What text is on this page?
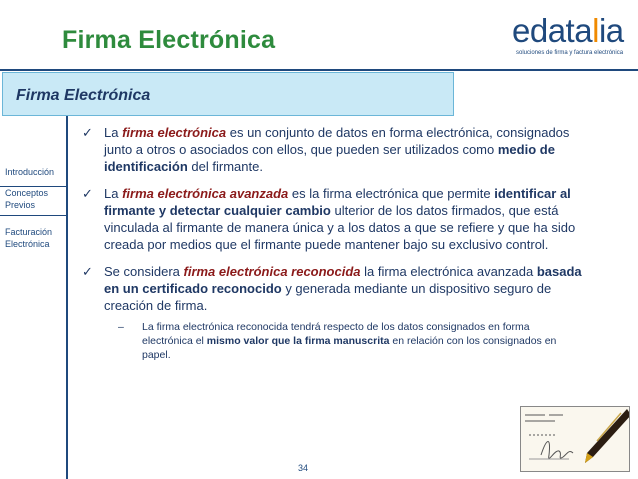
Firma Electrónica	edatalia
soluciones de firma y factura electrónica
Firma Electrónica
Introducción
Conceptos
Previos
Facturación
Electrónica
✓ La firma electrónica es un conjunto de datos en forma electrónica, consignados junto a otros o asociados con ellos, que pueden ser utilizados como medio de identificación del firmante.
✓ La firma electrónica avanzada es la firma electrónica que permite identificar al firmante y detectar cualquier cambio ulterior de los datos firmados, que está vinculada al firmante de manera única y a los datos a que se refiere y que ha sido creada por medios que el firmante puede mantener bajo su exclusivo control.
✓ Se considera firma electrónica reconocida la firma electrónica avanzada basada en un certificado reconocido y generada mediante un dispositivo seguro de creación de firma.
– La firma electrónica reconocida tendrá respecto de los datos consignados en forma electrónica el mismo valor que la firma manuscrita en relación con los consignados en papel.
34
